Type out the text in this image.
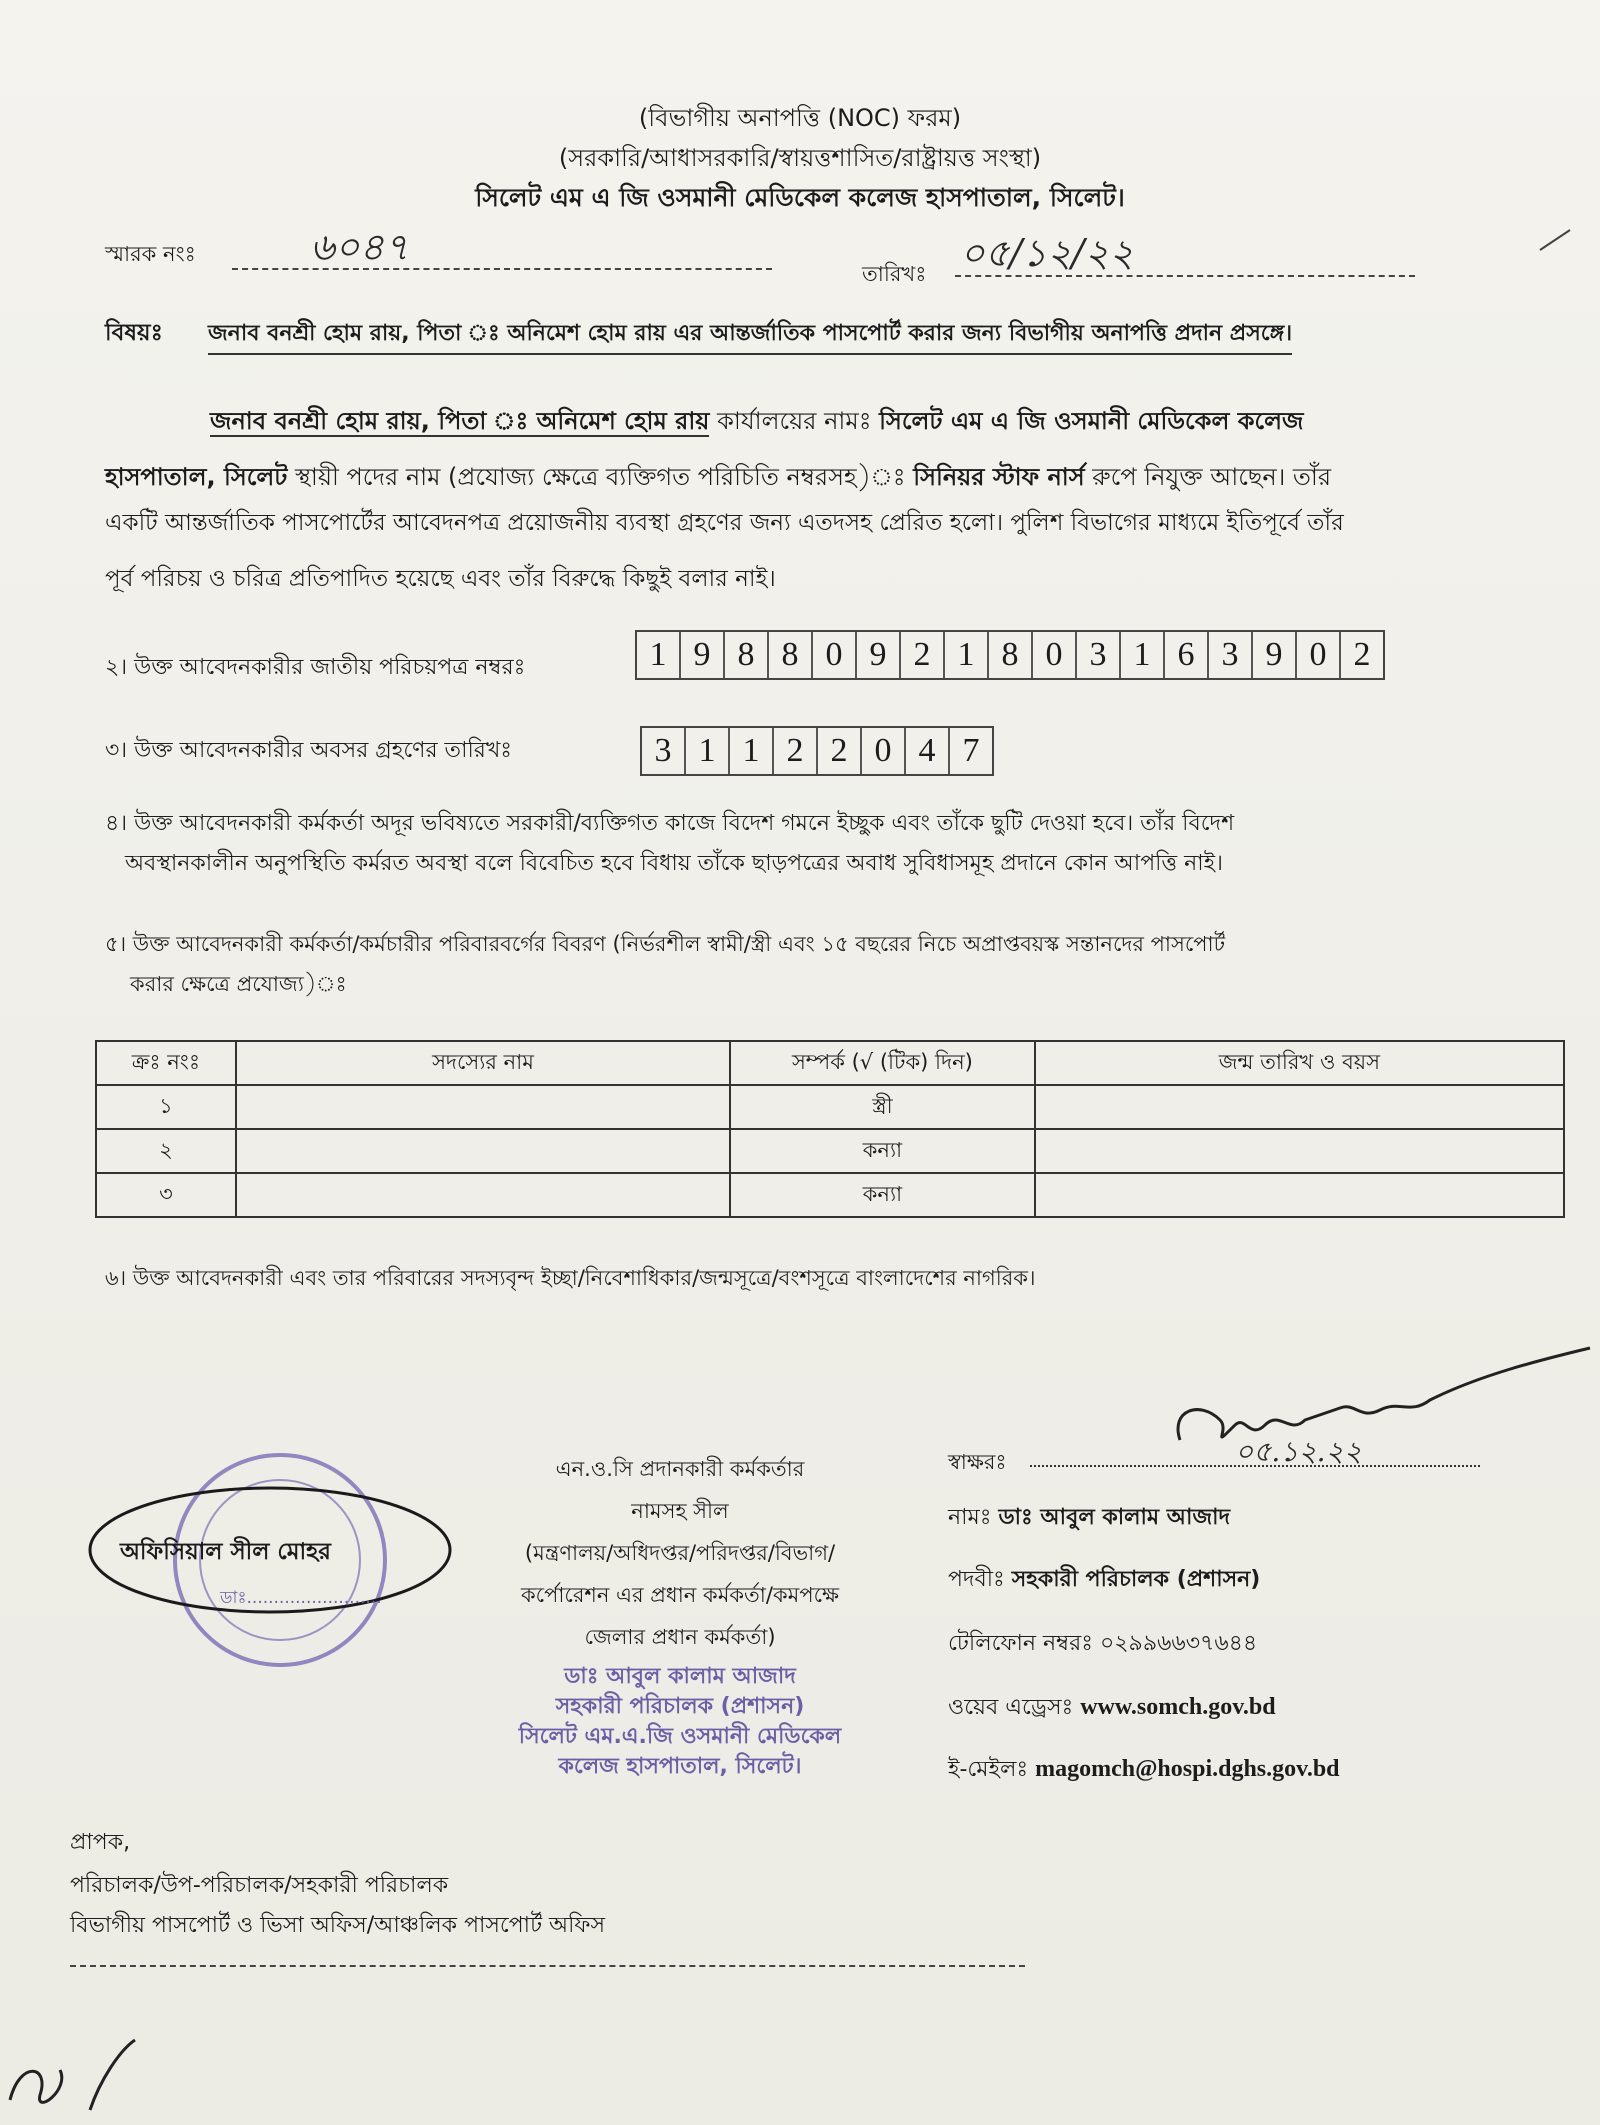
(বিভাগীয় অনাপত্তি (NOC) ফরম)
(সরকারি/আধাসরকারি/স্বায়ত্তশাসিত/রাষ্ট্রায়ত্ত সংস্থা)
সিলেট এম এ জি ওসমানী মেডিকেল কলেজ হাসপাতাল, সিলেট।
স্মারক নংঃ	৬০৪৭
তারিখঃ ০৫/১২/২২
বিষয়ঃ জনাব বনশ্রী হোম রায়, পিতা ঃ অনিমেশ হোম রায় এর আন্তর্জাতিক পাসপোর্ট করার জন্য বিভাগীয় অনাপত্তি প্রদান প্রসঙ্গে।
জনাব বনশ্রী হোম রায়, পিতা ঃ অনিমেশ হোম রায় কার্যালয়ের নামঃ সিলেট এম এ জি ওসমানী মেডিকেল কলেজ
হাসপাতাল, সিলেট স্থায়ী পদের নাম (প্রযোজ্য ক্ষেত্রে ব্যক্তিগত পরিচিতি নম্বরসহ)ঃ সিনিয়র স্টাফ নার্স রুপে নিযুক্ত আছেন। তাঁর
একটি আন্তর্জাতিক পাসপোর্টের আবেদনপত্র প্রয়োজনীয় ব্যবস্থা গ্রহণের জন্য এতদসহ প্রেরিত হলো। পুলিশ বিভাগের মাধ্যমে ইতিপূর্বে তাঁর
পূর্ব পরিচয় ও চরিত্র প্রতিপাদিত হয়েছে এবং তাঁর বিরুদ্ধে কিছুই বলার নাই।
২। উক্ত আবেদনকারীর জাতীয় পরিচয়পত্র নম্বরঃ	1 9 8 8 0 9 2 1 8 0 3 1 6 3 9 0 2
৩। উক্ত আবেদনকারীর অবসর গ্রহণের তারিখঃ	3 1 1 2 2 0 4 7
৪। উক্ত আবেদনকারী কর্মকর্তা অদূর ভবিষ্যতে সরকারী/ব্যক্তিগত কাজে বিদেশ গমনে ইচ্ছুক এবং তাঁকে ছুটি দেওয়া হবে। তাঁর বিদেশ
অবস্থানকালীন অনুপস্থিতি কর্মরত অবস্থা বলে বিবেচিত হবে বিধায় তাঁকে ছাড়পত্রের অবাধ সুবিধাসমূহ প্রদানে কোন আপত্তি নাই।
৫। উক্ত আবেদনকারী কর্মকর্তা/কর্মচারীর পরিবারবর্গের বিবরণ (নির্ভরশীল স্বামী/স্ত্রী এবং ১৫ বছরের নিচে অপ্রাপ্তবয়স্ক সন্তানদের পাসপোর্ট
করার ক্ষেত্রে প্রযোজ্য)ঃ
ক্রঃ নংঃ	সদস্যের নাম	সম্পর্ক (√ (টিক) দিন)	জন্ম তারিখ ও বয়স
১		স্ত্রী	
২		কন্যা	
৩		কন্যা	
৬। উক্ত আবেদনকারী এবং তার পরিবারের সদস্যবৃন্দ ইচ্ছা/নিবেশাধিকার/জন্মসূত্রে/বংশসূত্রে বাংলাদেশের নাগরিক।
অফিসিয়াল সীল মোহর
ডাঃ.........................
এন.ও.সি প্রদানকারী কর্মকর্তার
নামসহ সীল
(মন্ত্রণালয়/অধিদপ্তর/পরিদপ্তর/বিভাগ/
কর্পোরেশন এর প্রধান কর্মকর্তা/কমপক্ষে
জেলার প্রধান কর্মকর্তা)
ডাঃ আবুল কালাম আজাদ
সহকারী পরিচালক (প্রশাসন)
সিলেট এম.এ.জি ওসমানী মেডিকেল
কলেজ হাসপাতাল, সিলেট।
স্বাক্ষরঃ	০৫.১২.২২
নামঃ ডাঃ আবুল কালাম আজাদ
পদবীঃ সহকারী পরিচালক (প্রশাসন)
টেলিফোন নম্বরঃ ০২৯৯৬৬৩৭৬৪৪
ওয়েব এড্রেসঃ www.somch.gov.bd
ই-মেইলঃ magomch@hospi.dghs.gov.bd
প্রাপক,
পরিচালক/উপ-পরিচালক/সহকারী পরিচালক
বিভাগীয় পাসপোর্ট ও ভিসা অফিস/আঞ্চলিক পাসপোর্ট অফিস
